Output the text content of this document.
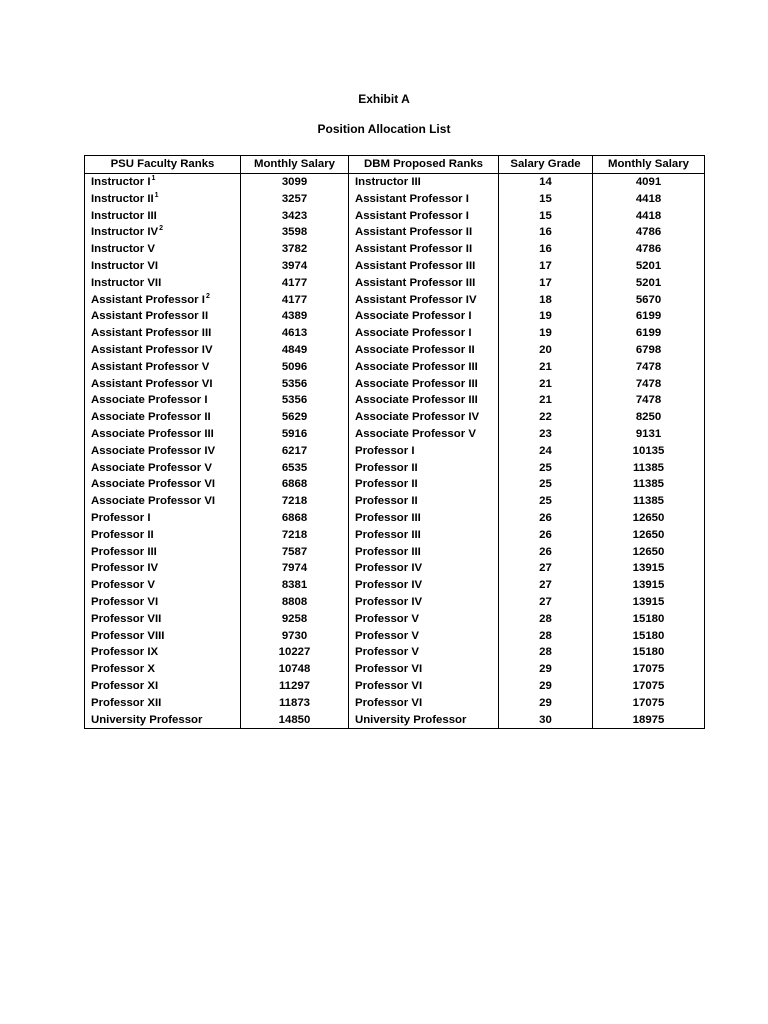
Exhibit A

Position Allocation List

PSU Faculty Ranks	Monthly Salary	DBM Proposed Ranks	Salary Grade	Monthly Salary
Instructor I$^1$	3099	Instructor III	14	4091
Instructor II$^1$	3257	Assistant Professor I	15	4418
Instructor III	3423	Assistant Professor I	15	4418
Instructor IV$^2$	3598	Assistant Professor II	16	4786
Instructor V	3782	Assistant Professor II	16	4786
Instructor VI	3974	Assistant Professor III	17	5201
Instructor VII	4177	Assistant Professor III	17	5201
Assistant Professor I$^2$	4177	Assistant Professor IV	18	5670
Assistant Professor II	4389	Associate Professor I	19	6199
Assistant Professor III	4613	Associate Professor I	19	6199
Assistant Professor IV	4849	Associate Professor II	20	6798
Assistant Professor V	5096	Associate Professor III	21	7478
Assistant Professor VI	5356	Associate Professor III	21	7478
Associate Professor I	5356	Associate Professor III	21	7478
Associate Professor II	5629	Associate Professor IV	22	8250
Associate Professor III	5916	Associate Professor V	23	9131
Associate Professor IV	6217	Professor I	24	10135
Associate Professor V	6535	Professor II	25	11385
Associate Professor VI	6868	Professor II	25	11385
Associate Professor VI	7218	Professor II	25	11385
Professor I	6868	Professor III	26	12650
Professor II	7218	Professor III	26	12650
Professor III	7587	Professor III	26	12650
Professor IV	7974	Professor IV	27	13915
Professor V	8381	Professor IV	27	13915
Professor VI	8808	Professor IV	27	13915
Professor VII	9258	Professor V	28	15180
Professor VIII	9730	Professor V	28	15180
Professor IX	10227	Professor V	28	15180
Professor X	10748	Professor VI	29	17075
Professor XI	11297	Professor VI	29	17075
Professor XII	11873	Professor VI	29	17075
University Professor	14850	University Professor	30	18975
